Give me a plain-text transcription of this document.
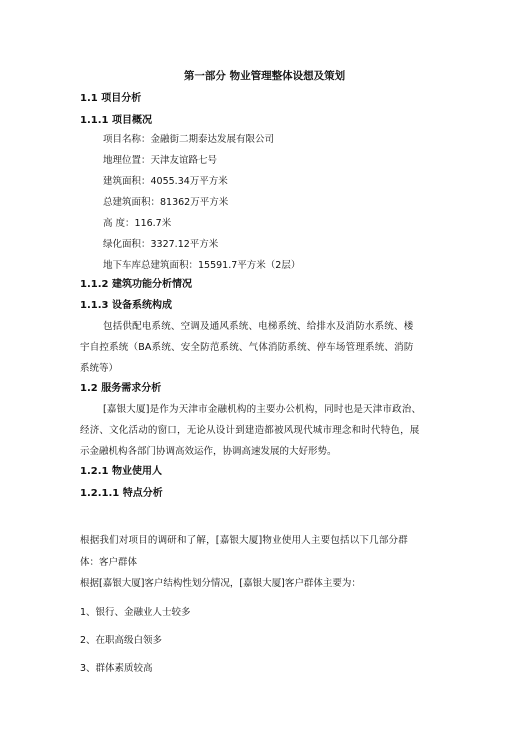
第一部分 物业管理整体设想及策划
1.1 项目分析
1.1.1 项目概况
项目名称：金融街二期泰达发展有限公司
地理位置：天津友谊路七号
建筑面积：4055.34万平方米
总建筑面积：81362万平方米
高 度：116.7米
绿化面积：3327.12平方米
地下车库总建筑面积：15591.7平方米（2层）
1.1.2 建筑功能分析情况
1.1.3 设备系统构成
包括供配电系统、空调及通风系统、电梯系统、给排水及消防水系统、楼
宇自控系统（BA系统、安全防范系统、气体消防系统、停车场管理系统、消防
系统等）
1.2 服务需求分析
[嘉银大厦]是作为天津市金融机构的主要办公机构，同时也是天津市政治、
经济、文化活动的窗口，无论从设计到建造都被风现代城市理念和时代特色，展
示金融机构各部门协调高效运作，协调高速发展的大好形势。
1.2.1 物业使用人
1.2.1.1 特点分析
根据我们对项目的调研和了解，[嘉银大厦]物业使用人主要包括以下几部分群
体：客户群体
根据[嘉银大厦]客户结构性划分情况，[嘉银大厦]客户群体主要为：
1、银行、金融业人士较多
2、在职高级白领多
3、群体素质较高
